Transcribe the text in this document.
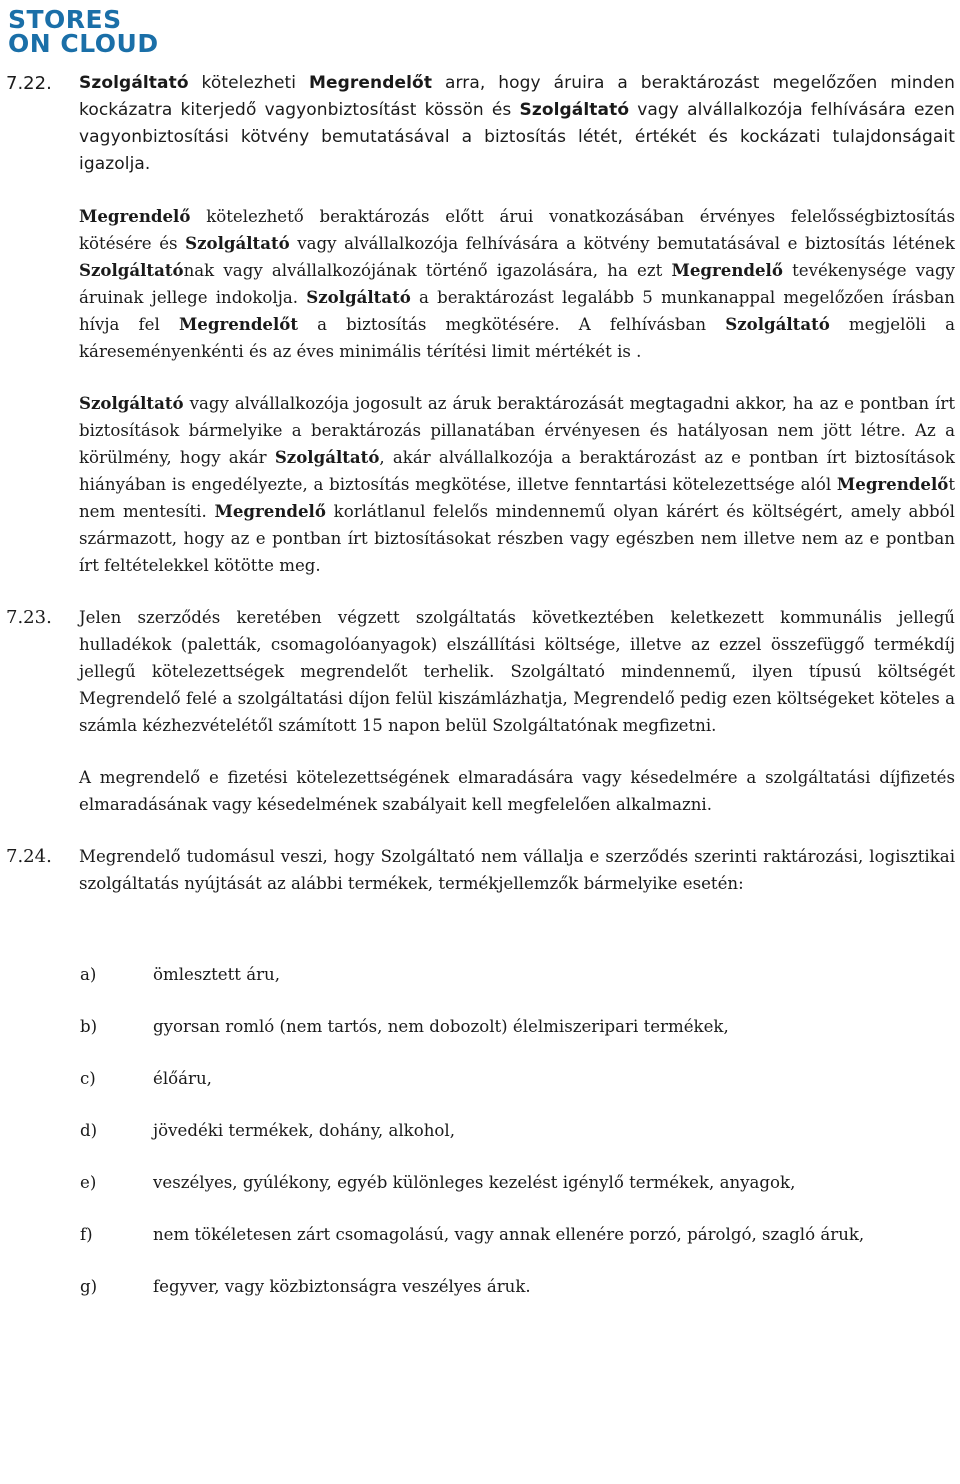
STORES
ON CLOUD
7.22. Szolgáltató kötelezheti Megrendelőt arra, hogy áruira a beraktározást megelőzően minden kockázatra kiterjedő vagyonbiztosítást kössön és Szolgáltató vagy alvállalkozója felhívására ezen vagyonbiztosítási kötvény bemutatásával a biztosítás létét, értékét és kockázati tulajdonságait igazolja.

Megrendelő kötelezhető beraktározás előtt árui vonatkozásában érvényes felelősségbiztosítás kötésére és Szolgáltató vagy alvállalkozója felhívására a kötvény bemutatásával e biztosítás létének Szolgáltatónak vagy alvállalkozójának történő igazolására, ha ezt Megrendelő tevékenysége vagy áruinak jellege indokolja. Szolgáltató a beraktározást legalább 5 munkanappal megelőzően írásban hívja fel Megrendelőt a biztosítás megkötésére. A felhívásban Szolgáltató megjelöli a káreseményenkénti és az éves minimális térítési limit mértékét is .

Szolgáltató vagy alvállalkozója jogosult az áruk beraktározását megtagadni akkor, ha az e pontban írt biztosítások bármelyike a beraktározás pillanatában érvényesen és hatályosan nem jött létre. Az a körülmény, hogy akár Szolgáltató, akár alvállalkozója a beraktározást az e pontban írt biztosítások hiányában is engedélyezte, a biztosítás megkötése, illetve fenntartási kötelezettsége alól Megrendelőt nem mentesíti. Megrendelő korlátlanul felelős mindennemű olyan kárért és költségért, amely abból származott, hogy az e pontban írt biztosításokat részben vagy egészben nem illetve nem az e pontban írt feltételekkel kötötte meg.

7.23. Jelen szerződés keretében végzett szolgáltatás következtében keletkezett kommunális jellegű hulladékok (paletták, csomagolóanyagok) elszállítási költsége, illetve az ezzel összefüggő termékdíj jellegű kötelezettségek megrendelőt terhelik. Szolgáltató mindennemű, ilyen típusú költségét Megrendelő felé a szolgáltatási díjon felül kiszámlázhatja, Megrendelő pedig ezen költségeket köteles a számla kézhezvételétől számított 15 napon belül Szolgáltatónak megfizetni.

A megrendelő e fizetési kötelezettségének elmaradására vagy késedelmére a szolgáltatási díjfizetés elmaradásának vagy késedelmének szabályait kell megfelelően alkalmazni.

7.24. Megrendelő tudomásul veszi, hogy Szolgáltató nem vállalja e szerződés szerinti raktározási, logisztikai szolgáltatás nyújtását az alábbi termékek, termékjellemzők bármelyike esetén:

a)	ömlesztett áru,
b)	gyorsan romló (nem tartós, nem dobozolt) élelmiszeripari termékek,
c)	élőáru,
d)	jövedéki termékek, dohány, alkohol,
e)	veszélyes, gyúlékony, egyéb különleges kezelést igénylő termékek, anyagok,
f)	nem tökéletesen zárt csomagolású, vagy annak ellenére porzó, párolgó, szagló áruk,
g)	fegyver, vagy közbiztonságra veszélyes áruk.
